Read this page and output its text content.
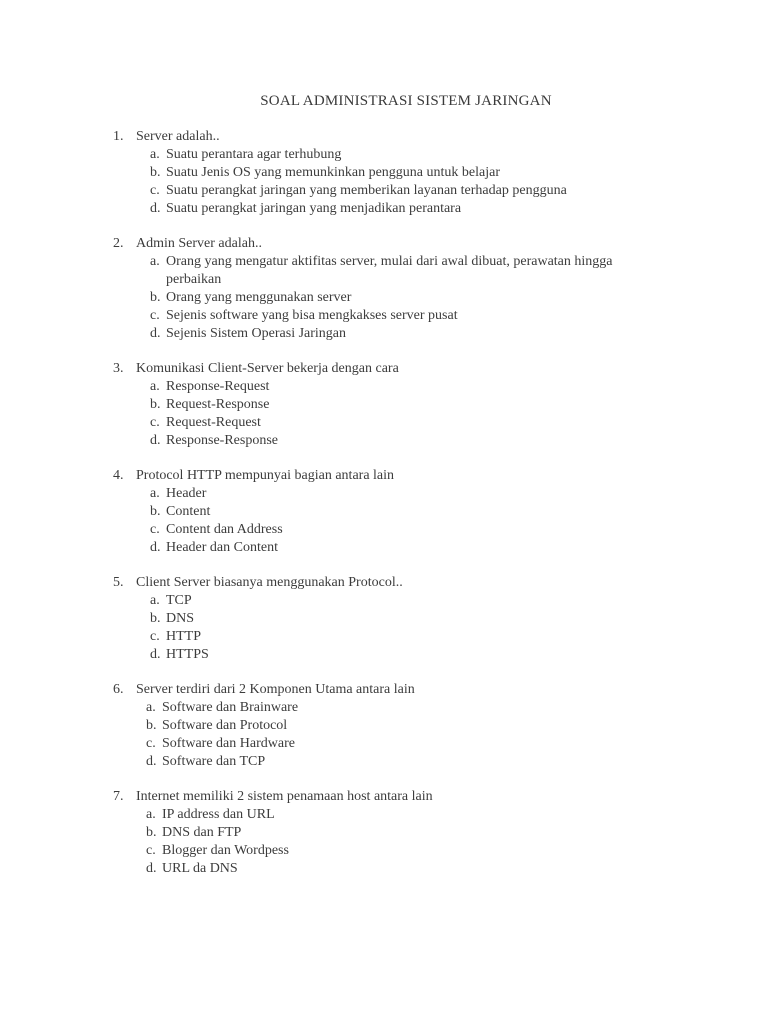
SOAL ADMINISTRASI SISTEM JARINGAN
1. Server adalah..
a. Suatu perantara agar terhubung
b. Suatu Jenis OS yang memunkinkan pengguna untuk belajar
c. Suatu perangkat jaringan yang memberikan layanan terhadap pengguna
d. Suatu perangkat jaringan yang menjadikan perantara
2. Admin Server adalah..
a. Orang yang mengatur aktifitas server, mulai dari awal dibuat, perawatan hingga perbaikan
b. Orang yang menggunakan server
c. Sejenis software yang bisa mengkakses server pusat
d. Sejenis Sistem Operasi Jaringan
3. Komunikasi Client-Server bekerja dengan cara
a. Response-Request
b. Request-Response
c. Request-Request
d. Response-Response
4. Protocol HTTP mempunyai bagian antara lain
a. Header
b. Content
c. Content dan Address
d. Header dan Content
5. Client Server biasanya menggunakan Protocol..
a. TCP
b. DNS
c. HTTP
d. HTTPS
6. Server terdiri dari 2 Komponen Utama antara lain
a. Software dan Brainware
b. Software dan Protocol
c. Software dan Hardware
d. Software dan TCP
7. Internet memiliki 2 sistem penamaan host antara lain
a. IP address dan URL
b. DNS dan FTP
c. Blogger dan Wordpess
d. URL da DNS
